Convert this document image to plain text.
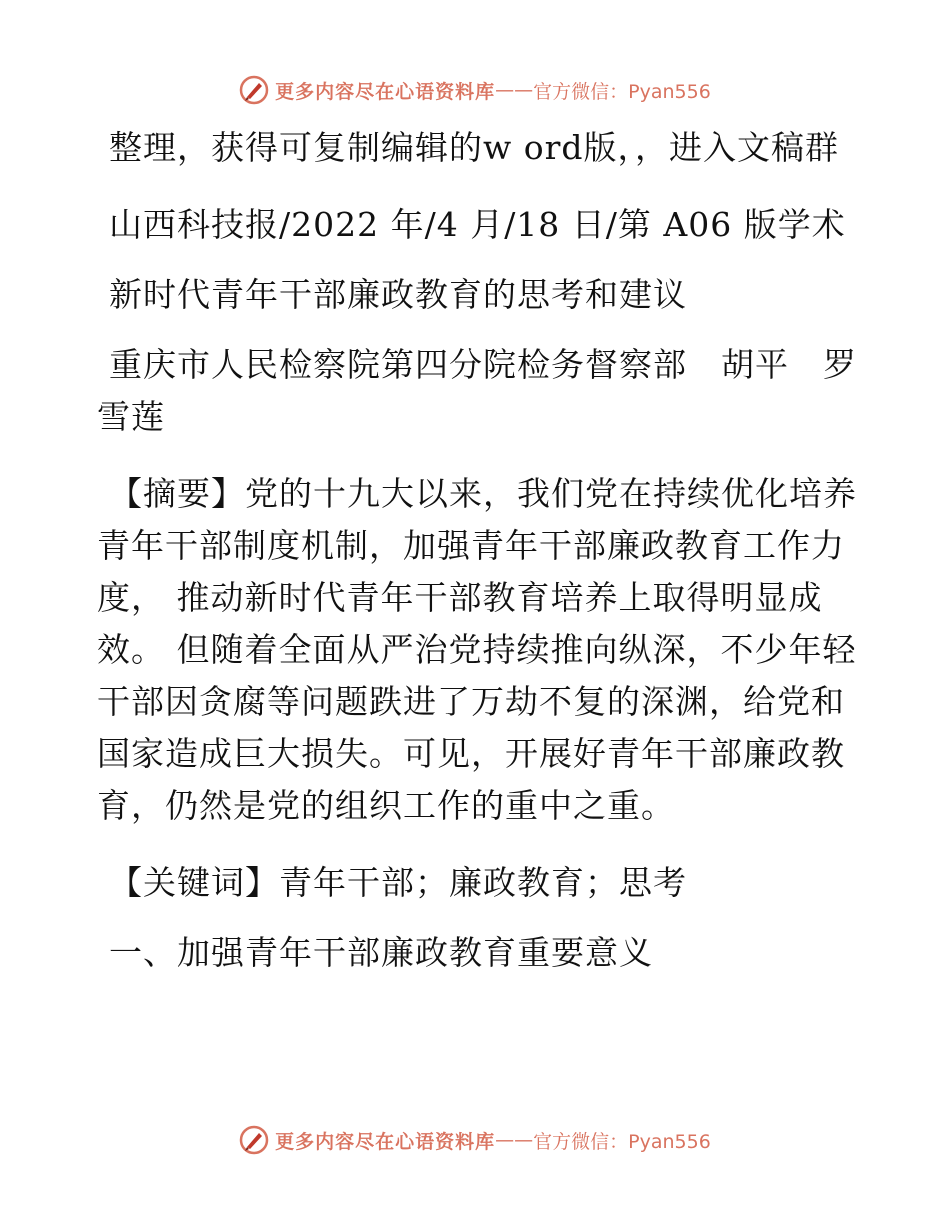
更多内容尽在心语资料库 —— 官方微信：Pyan556

整理，获得可复制编辑的w ord版，，进入文稿群

山西科技报/2022 年/4 月/18 日/第 A06 版学术

新时代青年干部廉政教育的思考和建议

重庆市人民检察院第四分院检务督察部　胡平　罗雪莲

【摘要】党的十九大以来，我们党在持续优化培养青年干部制度机制，加强青年干部廉政教育工作力度， 推动新时代青年干部教育培养上取得明显成效。 但随着全面从严治党持续推向纵深，不少年轻干部因贪腐等问题跌进了万劫不复的深渊，给党和国家造成巨大损失。可见，开展好青年干部廉政教育，仍然是党的组织工作的重中之重。

【关键词】青年干部；廉政教育；思考

一、加强青年干部廉政教育重要意义

更多内容尽在心语资料库 —— 官方微信：Pyan556
